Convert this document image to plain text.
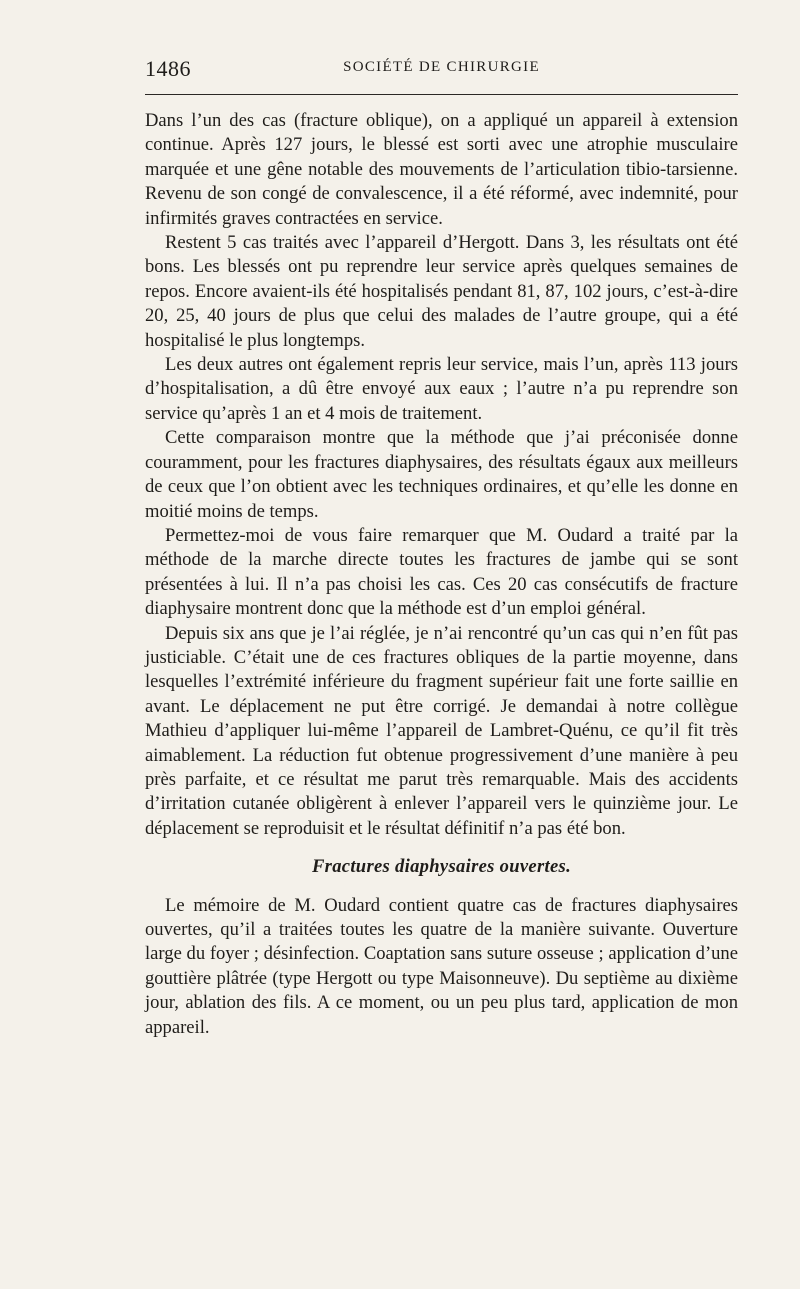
1486	SOCIÉTÉ DE CHIRURGIE

Dans l’un des cas (fracture oblique), on a appliqué un appareil à extension continue. Après 127 jours, le blessé est sorti avec une atrophie musculaire marquée et une gêne notable des mouvements de l’articulation tibio-tarsienne. Revenu de son congé de convalescence, il a été réformé, avec indemnité, pour infirmités graves contractées en service.

Restent 5 cas traités avec l’appareil d’Hergott. Dans 3, les résultats ont été bons. Les blessés ont pu reprendre leur service après quelques semaines de repos. Encore avaient-ils été hospitalisés pendant 81, 87, 102 jours, c’est-à-dire 20, 25, 40 jours de plus que celui des malades de l’autre groupe, qui a été hospitalisé le plus longtemps.

Les deux autres ont également repris leur service, mais l’un, après 113 jours d’hospitalisation, a dû être envoyé aux eaux ; l’autre n’a pu reprendre son service qu’après 1 an et 4 mois de traitement.

Cette comparaison montre que la méthode que j’ai préconisée donne couramment, pour les fractures diaphysaires, des résultats égaux aux meilleurs de ceux que l’on obtient avec les techniques ordinaires, et qu’elle les donne en moitié moins de temps.

Permettez-moi de vous faire remarquer que M. Oudard a traité par la méthode de la marche directe toutes les fractures de jambe qui se sont présentées à lui. Il n’a pas choisi les cas. Ces 20 cas consécutifs de fracture diaphysaire montrent donc que la méthode est d’un emploi général.

Depuis six ans que je l’ai réglée, je n’ai rencontré qu’un cas qui n’en fût pas justiciable. C’était une de ces fractures obliques de la partie moyenne, dans lesquelles l’extrémité inférieure du fragment supérieur fait une forte saillie en avant. Le déplacement ne put être corrigé. Je demandai à notre collègue Mathieu d’appliquer lui-même l’appareil de Lambret-Quénu, ce qu’il fit très aimablement. La réduction fut obtenue progressivement d’une manière à peu près parfaite, et ce résultat me parut très remarquable. Mais des accidents d’irritation cutanée obligèrent à enlever l’appareil vers le quinzième jour. Le déplacement se reproduisit et le résultat définitif n’a pas été bon.

Fractures diaphysaires ouvertes.

Le mémoire de M. Oudard contient quatre cas de fractures diaphysaires ouvertes, qu’il a traitées toutes les quatre de la manière suivante. Ouverture large du foyer ; désinfection. Coaptation sans suture osseuse ; application d’une gouttière plâtrée (type Hergott ou type Maisonneuve). Du septième au dixième jour, ablation des fils. A ce moment, ou un peu plus tard, application de mon appareil.
